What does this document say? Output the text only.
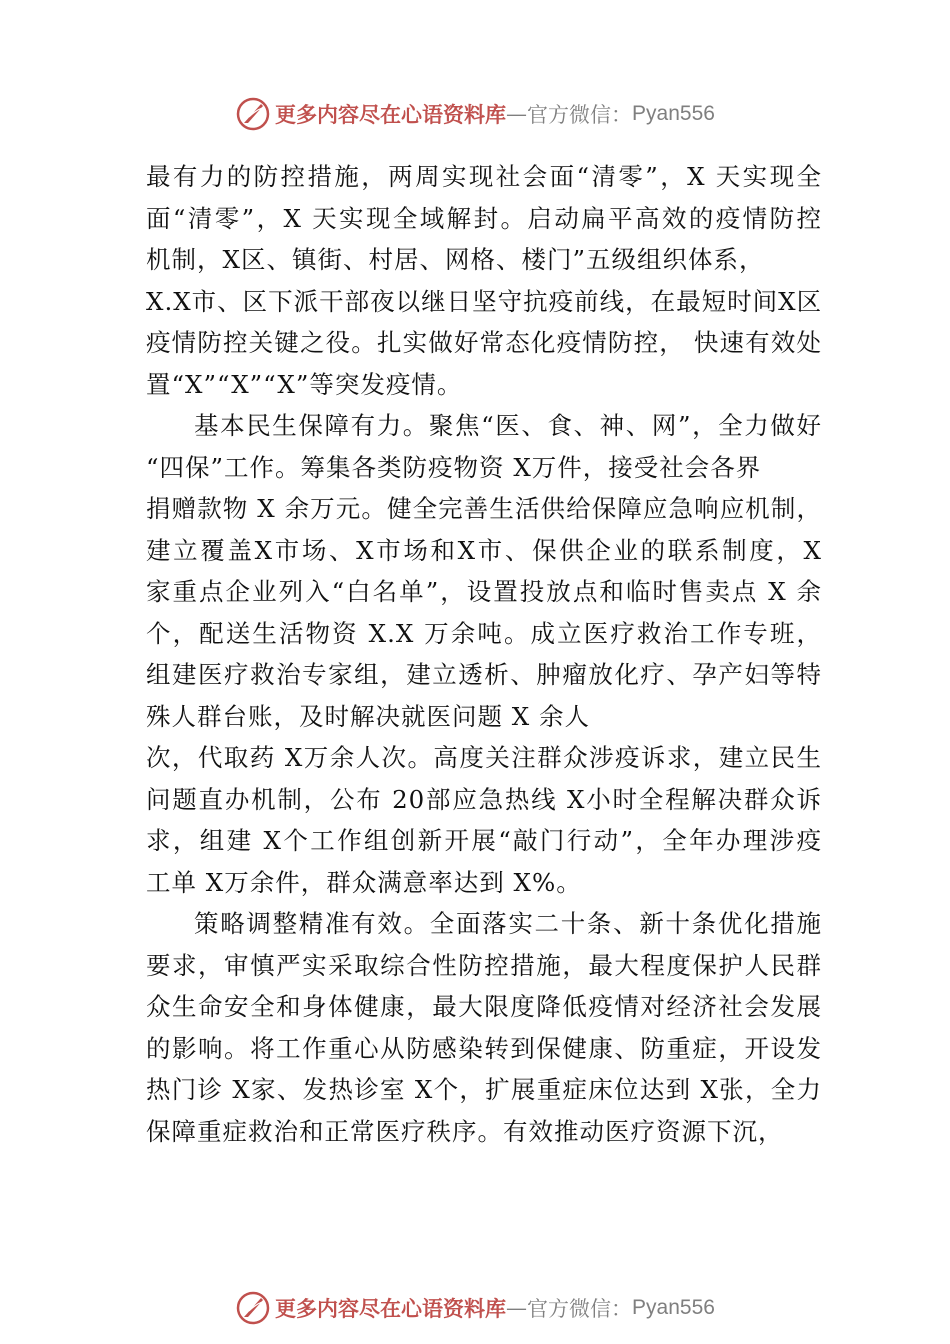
更多内容尽在心语资料库 — 官方微信： Pyan556
最有力的防控措施，两周实现社会面“清零”，X 天实现全
面“清零”，X 天实现全域解封。启动扁平高效的疫情防控
机制，X区、镇街、村居、网格、楼门”五级组织体系，
X.X市、区下派干部夜以继日坚守抗疫前线，在最短时间X区
疫情防控关键之役。扎实做好常态化疫情防控， 快速有效处
置“X”“X”“X”等突发疫情。
基本民生保障有力。聚焦“医、食、神、网”，全力做好
“四保”工作。筹集各类防疫物资 X万件，接受社会各界
捐赠款物 X 余万元。健全完善生活供给保障应急响应机制，
建立覆盖X市场、X市场和X市、保供企业的联系制度，X
家重点企业列入“白名单”，设置投放点和临时售卖点 X 余
个，配送生活物资 X.X 万余吨。成立医疗救治工作专班，
组建医疗救治专家组，建立透析、肿瘤放化疗、孕产妇等特
殊人群台账，及时解决就医问题 X 余人
次，代取药 X万余人次。高度关注群众涉疫诉求，建立民生
问题直办机制，公布 20部应急热线 X小时全程解决群众诉
求，组建 X个工作组创新开展“敲门行动”，全年办理涉疫
工单 X万余件，群众满意率达到 X%。
策略调整精准有效。全面落实二十条、新十条优化措施
要求，审慎严实采取综合性防控措施，最大程度保护人民群
众生命安全和身体健康，最大限度降低疫情对经济社会发展
的影响。将工作重心从防感染转到保健康、防重症，开设发
热门诊 X家、发热诊室 X个，扩展重症床位达到 X张，全力
保障重症救治和正常医疗秩序。有效推动医疗资源下沉，
更多内容尽在心语资料库 — 官方微信： Pyan556
